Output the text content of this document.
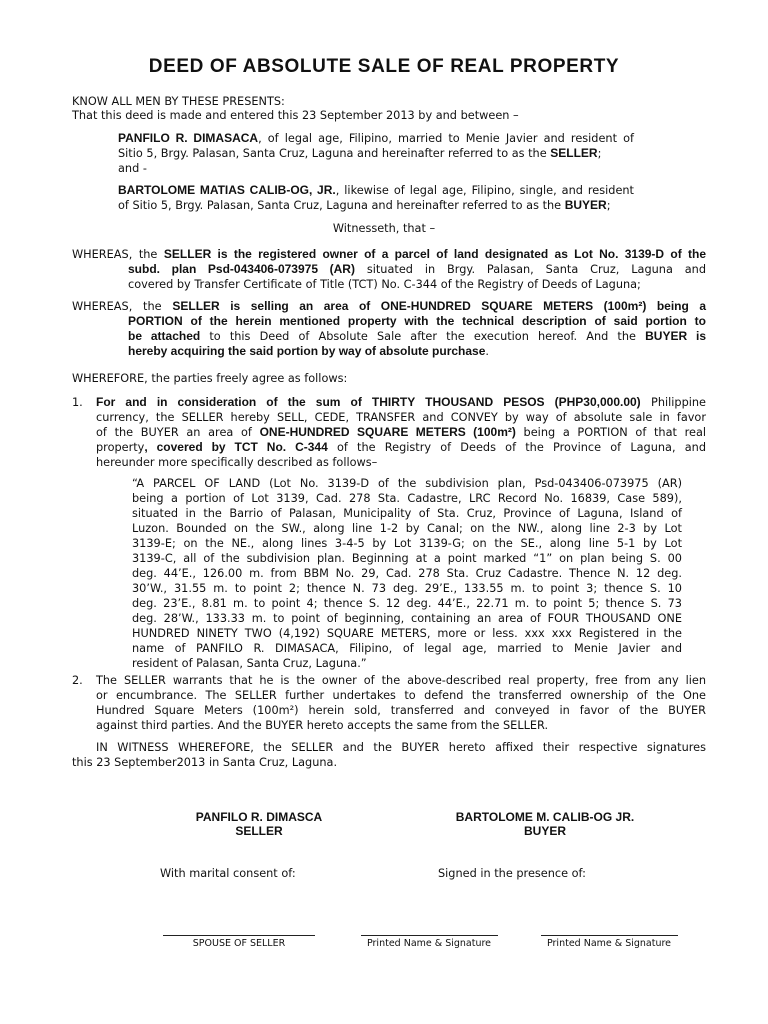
DEED OF ABSOLUTE SALE OF REAL PROPERTY
KNOW ALL MEN BY THESE PRESENTS:
That this deed is made and entered this 23 September 2013 by and between –
PANFILO R. DIMASACA, of legal age, Filipino, married to Menie Javier and resident of
Sitio 5, Brgy. Palasan, Santa Cruz, Laguna and hereinafter referred to as the SELLER;
and -
BARTOLOME MATIAS CALIB-OG, JR., likewise of legal age, Filipino, single, and resident
of Sitio 5, Brgy. Palasan, Santa Cruz, Laguna and hereinafter referred to as the BUYER;
Witnesseth, that –
WHEREAS, the SELLER is the registered owner of a parcel of land designated as Lot No. 3139-D of the
subd. plan Psd-043406-073975 (AR) situated in Brgy. Palasan, Santa Cruz, Laguna and
covered by Transfer Certificate of Title (TCT) No. C-344 of the Registry of Deeds of Laguna;
WHEREAS, the SELLER is selling an area of ONE-HUNDRED SQUARE METERS (100m²) being a
PORTION of the herein mentioned property with the technical description of said portion to
be attached to this Deed of Absolute Sale after the execution hereof. And the BUYER is
hereby acquiring the said portion by way of absolute purchase.
WHEREFORE, the parties freely agree as follows:
1. For and in consideration of the sum of THIRTY THOUSAND PESOS (PHP30,000.00) Philippine
currency, the SELLER hereby SELL, CEDE, TRANSFER and CONVEY by way of absolute sale in favor
of the BUYER an area of ONE-HUNDRED SQUARE METERS (100m²) being a PORTION of that real
property, covered by TCT No. C-344 of the Registry of Deeds of the Province of Laguna, and
hereunder more specifically described as follows–
“A PARCEL OF LAND (Lot No. 3139-D of the subdivision plan, Psd-043406-073975 (AR)
being a portion of Lot 3139, Cad. 278 Sta. Cadastre, LRC Record No. 16839, Case 589),
situated in the Barrio of Palasan, Municipality of Sta. Cruz, Province of Laguna, Island of
Luzon. Bounded on the SW., along line 1-2 by Canal; on the NW., along line 2-3 by Lot
3139-E; on the NE., along lines 3-4-5 by Lot 3139-G; on the SE., along line 5-1 by Lot
3139-C, all of the subdivision plan. Beginning at a point marked “1” on plan being S. 00
deg. 44’E., 126.00 m. from BBM No. 29, Cad. 278 Sta. Cruz Cadastre. Thence N. 12 deg.
30’W., 31.55 m. to point 2; thence N. 73 deg. 29’E., 133.55 m. to point 3; thence S. 10
deg. 23’E., 8.81 m. to point 4; thence S. 12 deg. 44’E., 22.71 m. to point 5; thence S. 73
deg. 28’W., 133.33 m. to point of beginning, containing an area of FOUR THOUSAND ONE
HUNDRED NINETY TWO (4,192) SQUARE METERS, more or less. xxx xxx Registered in the
name of PANFILO R. DIMASACA, Filipino, of legal age, married to Menie Javier and
resident of Palasan, Santa Cruz, Laguna.”
2. The SELLER warrants that he is the owner of the above-described real property, free from any lien
or encumbrance. The SELLER further undertakes to defend the transferred ownership of the One
Hundred Square Meters (100m²) herein sold, transferred and conveyed in favor of the BUYER
against third parties. And the BUYER hereto accepts the same from the SELLER.
IN WITNESS WHEREFORE, the SELLER and the BUYER hereto affixed their respective signatures
this 23 September2013 in Santa Cruz, Laguna.
PANFILO R. DIMASCA
SELLER
BARTOLOME M. CALIB-OG JR.
BUYER
With marital consent of:	Signed in the presence of:
SPOUSE OF SELLER	Printed Name & Signature	Printed Name & Signature
